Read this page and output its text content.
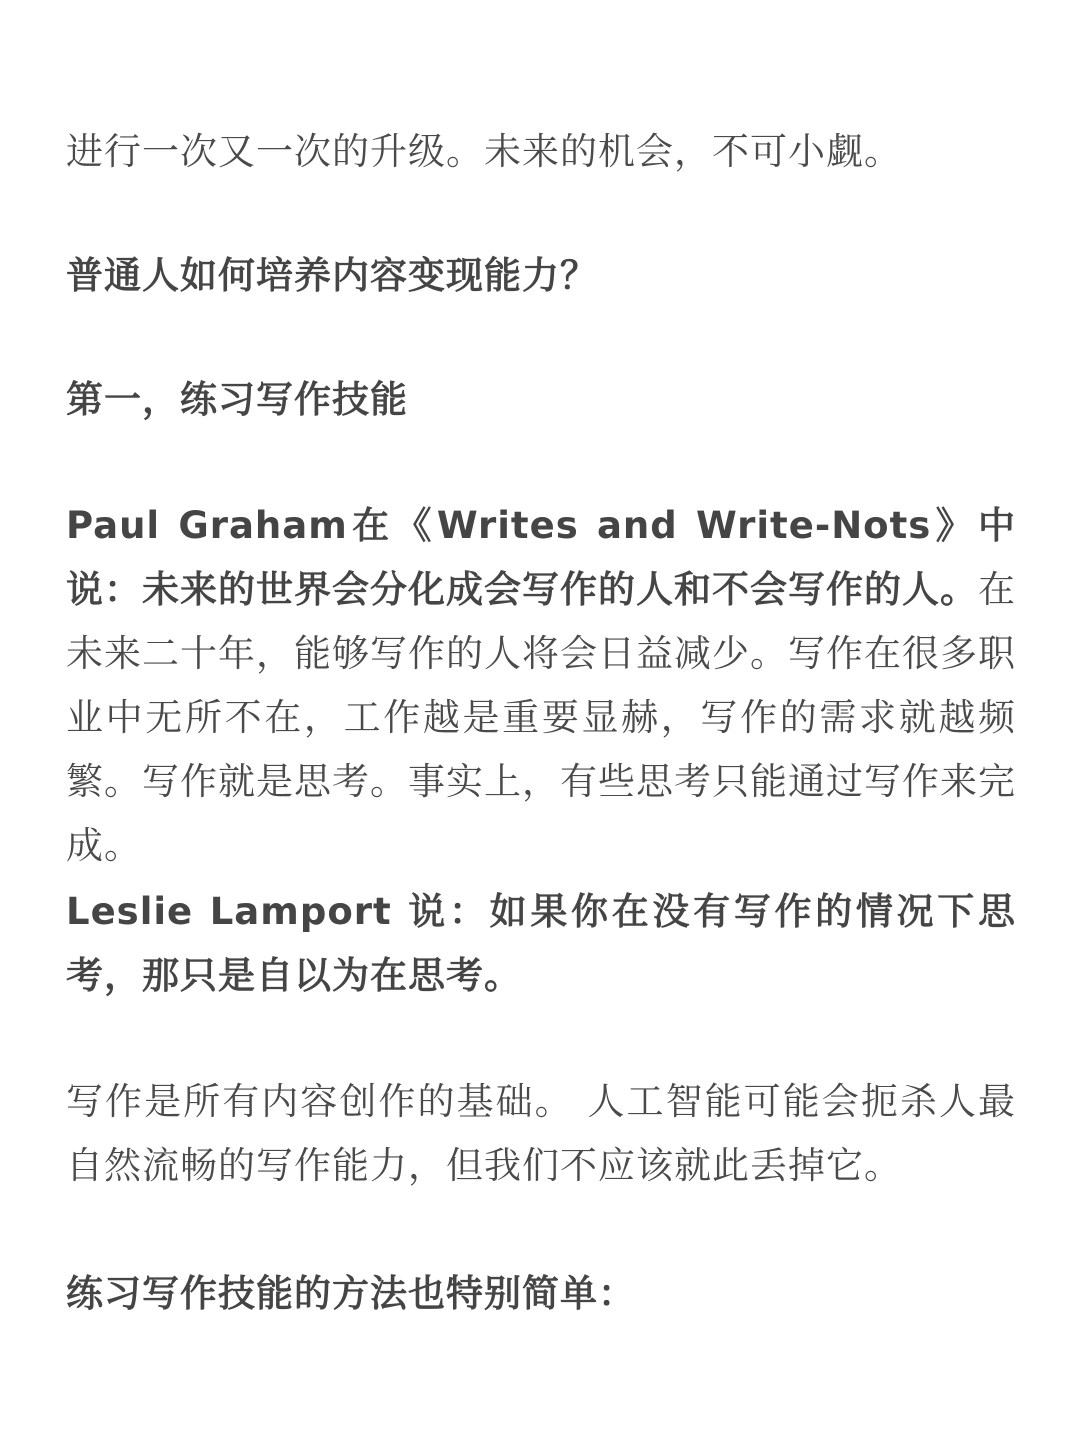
进行一次又一次的升级。未来的机会，不可小觑。

普通人如何培养内容变现能力？

第一，练习写作技能

Paul Graham在《Writes and Write-Nots》中说：未来的世界会分化成会写作的人和不会写作的人。在未来二十年，能够写作的人将会日益减少。写作在很多职业中无所不在，工作越是重要显赫，写作的需求就越频繁。写作就是思考。事实上，有些思考只能通过写作来完成。

Leslie Lamport 说：如果你在没有写作的情况下思考，那只是自以为在思考。

写作是所有内容创作的基础。 人工智能可能会扼杀人最自然流畅的写作能力，但我们不应该就此丢掉它。

练习写作技能的方法也特别简单：
